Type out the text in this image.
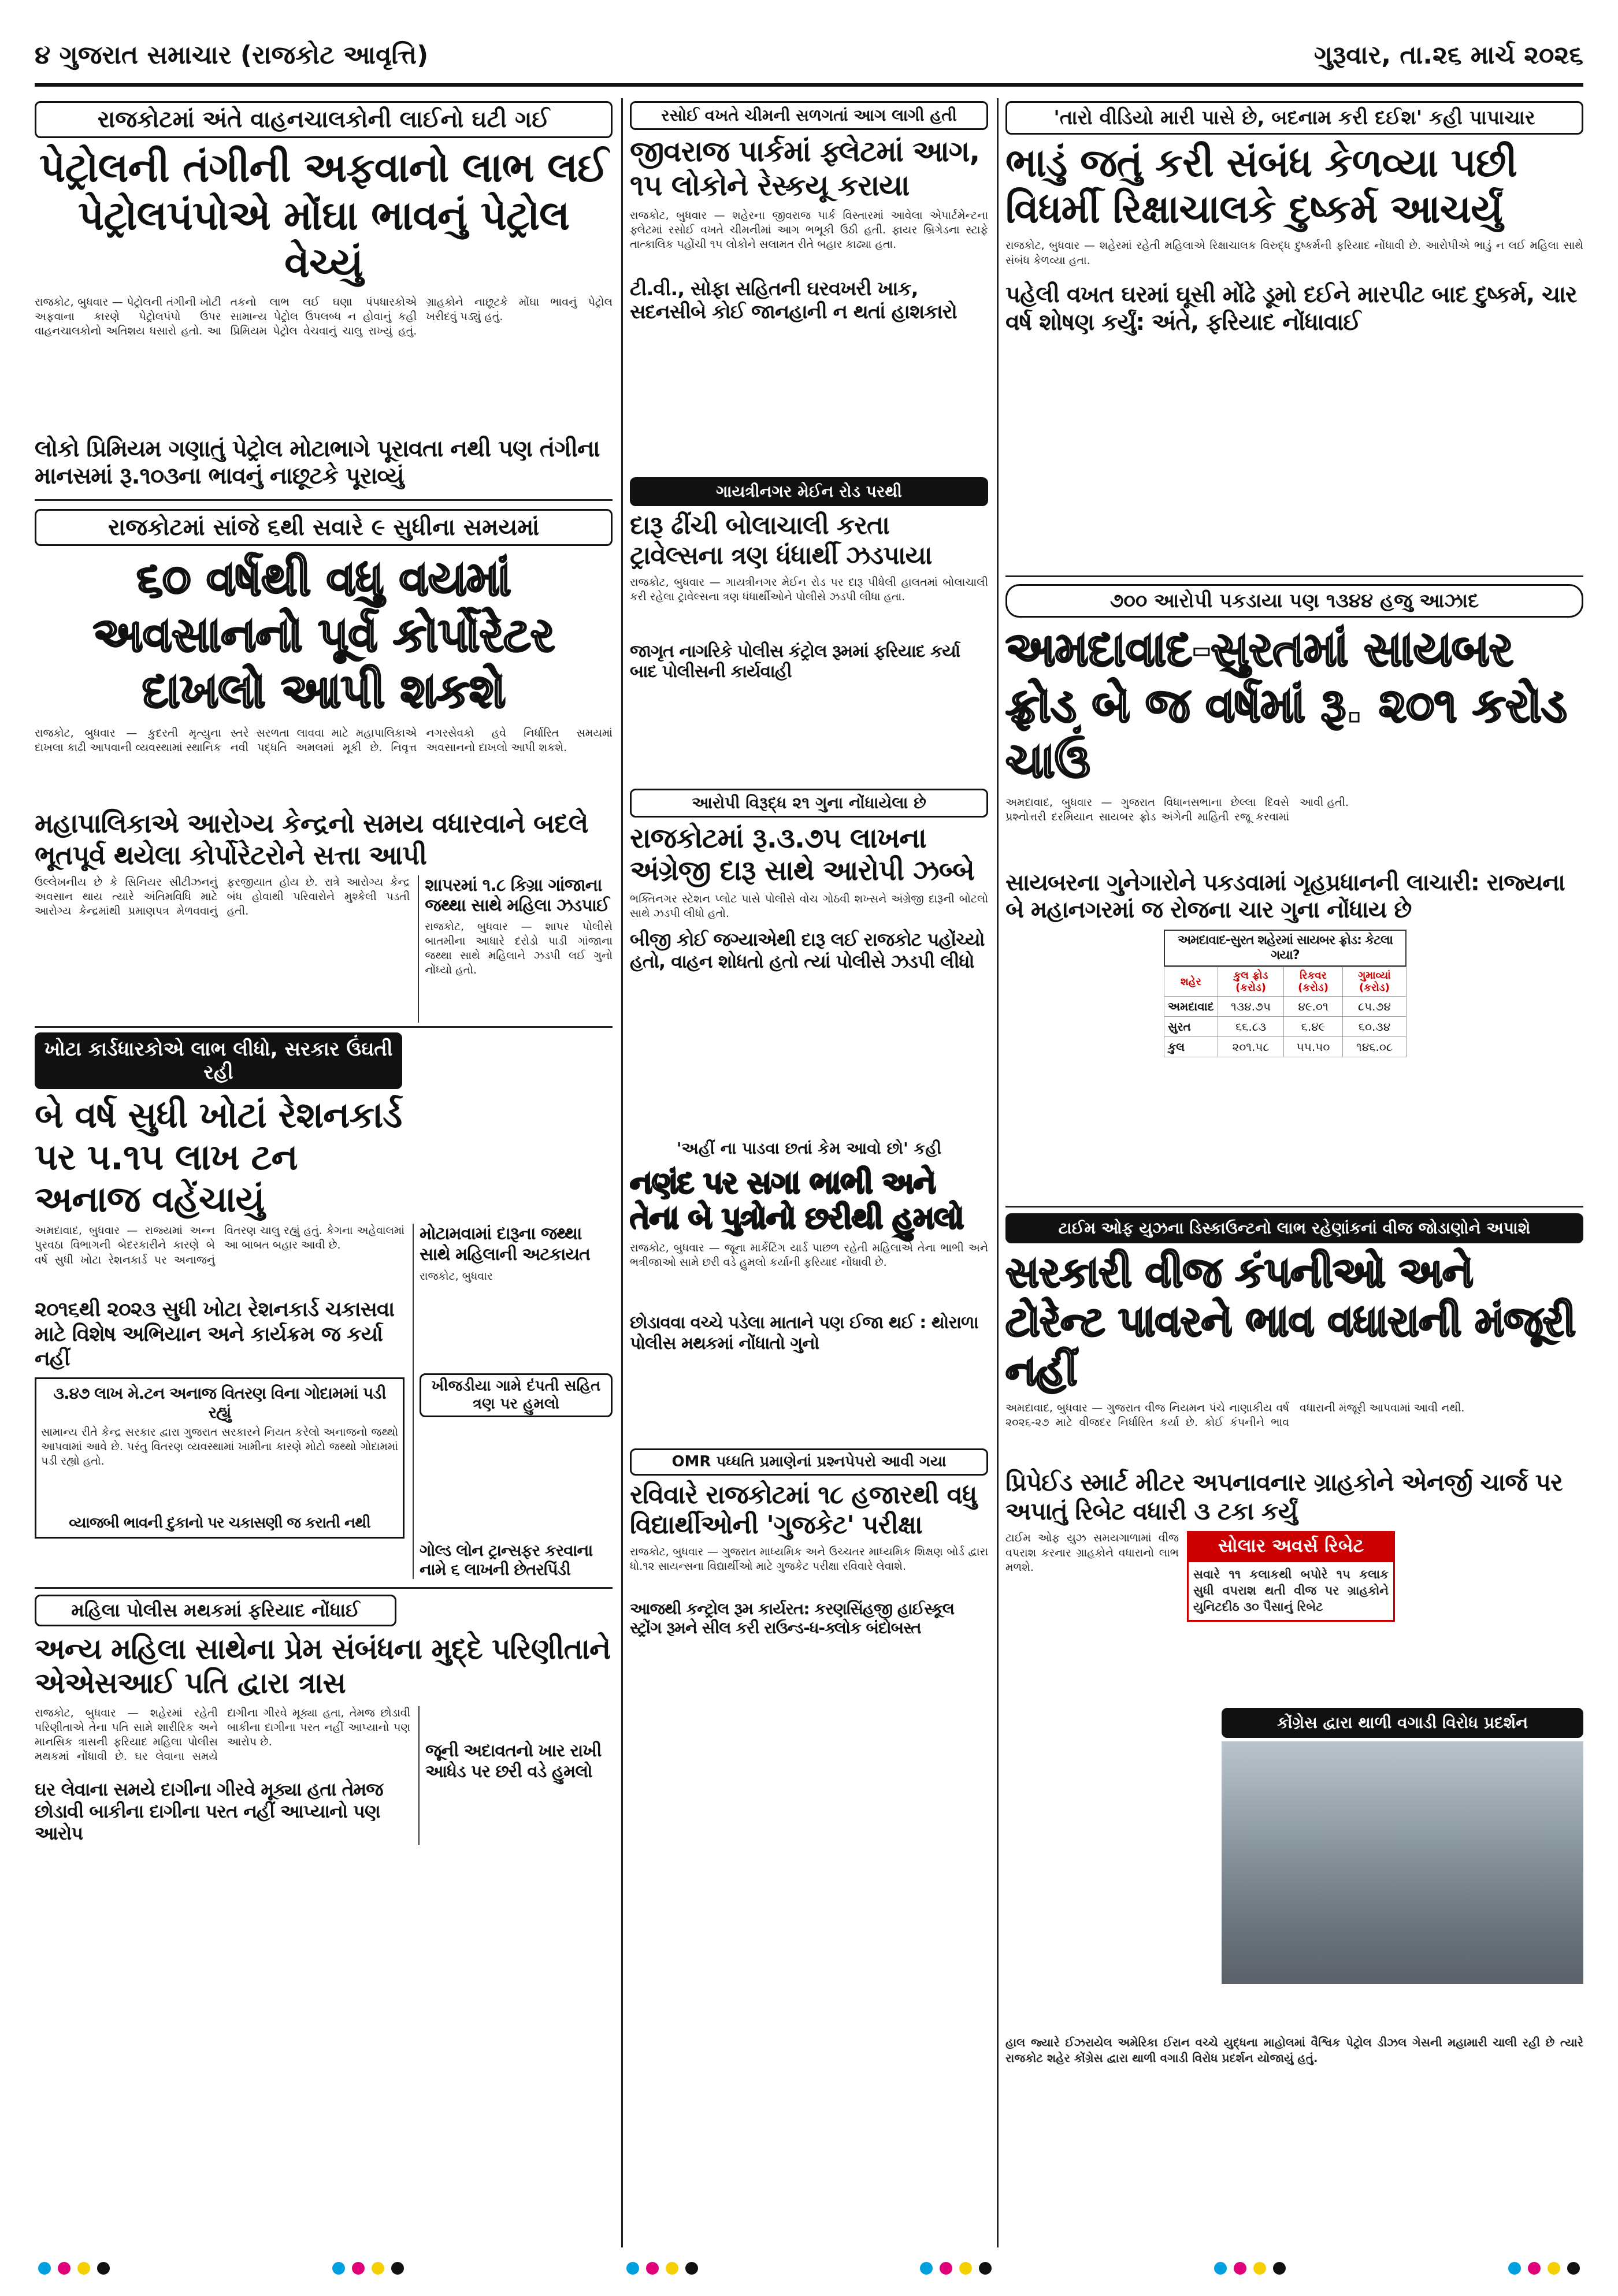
૪ ગુજરાત સમાચાર (રાજકોટ આવૃત્તિ)	ગુરૂવાર, તા.૨૬ માર્ચ ૨૦૨૬
રાજકોટમાં અંતે વાહનચાલકોની લાઈનો ઘટી ગઈ
પેટ્રોલની તંગીની અફવાનો લાભ લઈ પેટ્રોલપંપોએ મોંઘા ભાવનું પેટ્રોલ વેચ્યું
રાજકોટ, બુધવાર — પેટ્રોલની તંગીની ખોટી અફવાના કારણે પેટ્રોલપંપો ઉપર વાહનચાલકોનો અતિશય ધસારો હતો. આ તકનો લાભ લઈ ઘણા પંપધારકોએ સામાન્ય પેટ્રોલ ઉપલબ્ધ ન હોવાનું કહી પ્રિમિયમ પેટ્રોલ વેચવાનું ચાલુ રાખ્યું હતું. ગ્રાહકોને નાછૂટકે મોંઘા ભાવનું પેટ્રોલ ખરીદવું પડ્યું હતું.
લોકો પ્રિમિયમ ગણાતું પેટ્રોલ મોટાભાગે પૂરાવતા નથી પણ તંગીના માનસમાં રૂ.૧૦૩ના ભાવનું નાછૂટકે પૂરાવ્યું
રાજકોટમાં સાંજે ૬થી સવારે ૯ સુધીના સમયમાં
૬૦ વર્ષથી વધુ વયમાં અવસાનનો પૂર્વ કોર્પોરેટર દાખલો આપી શકશે
રાજકોટ, બુધવાર — કુદરતી મૃત્યુના દાખલા કાઢી આપવાની વ્યવસ્થામાં સ્થાનિક સ્તરે સરળતા લાવવા માટે મહાપાલિકાએ નવી પદ્ધતિ અમલમાં મૂકી છે. નિવૃત્ત નગરસેવકો હવે નિર્ધારિત સમયમાં અવસાનનો દાખલો આપી શકશે.
મહાપાલિકાએ આરોગ્ય કેન્દ્રનો સમય વધારવાને બદલે ભૂતપૂર્વ થયેલા કોર્પોરેટરોને સત્તા આપી
ઉલ્લેખનીય છે કે સિનિયર સીટીઝનનું અવસાન થાય ત્યારે અંતિમવિધિ માટે આરોગ્ય કેન્દ્રમાંથી પ્રમાણપત્ર મેળવવાનું ફરજીયાત હોય છે. રાત્રે આરોગ્ય કેન્દ્ર બંધ હોવાથી પરિવારોને મુશ્કેલી પડતી હતી.
શાપરમાં ૧.૮ કિગ્રા ગાંજાના જથ્થા સાથે મહિલા ઝડપાઈ
રાજકોટ, બુધવાર — શાપર પોલીસે બાતમીના આધારે દરોડો પાડી ગાંજાના જથ્થા સાથે મહિલાને ઝડપી લઈ ગુનો નોંધ્યો હતો.
ખોટા કાર્ડધારકોએ લાભ લીધો, સરકાર ઉંઘતી રહી
બે વર્ષ સુધી ખોટાં રેશનકાર્ડ પર ૫.૧૫ લાખ ટન અનાજ વહેંચાયું
અમદાવાદ, બુધવાર — રાજ્યમાં અન્ન પુરવઠા વિભાગની બેદરકારીને કારણે બે વર્ષ સુધી ખોટા રેશનકાર્ડ પર અનાજનું વિતરણ ચાલુ રહ્યું હતું. કેગના અહેવાલમાં આ બાબત બહાર આવી છે.
૨૦૧૬થી ૨૦૨૩ સુધી ખોટા રેશનકાર્ડ ચકાસવા માટે વિશેષ અભિયાન અને કાર્યક્રમ જ કર્યા નહીં
૩.૪૭ લાખ મે.ટન અનાજ વિતરણ વિના ગોદામમાં પડી રહ્યું
સામાન્ય રીતે કેન્દ્ર સરકાર દ્વારા ગુજરાત સરકારને નિયત કરેલો અનાજનો જથ્થો આપવામાં આવે છે. પરંતુ વિતરણ વ્યવસ્થામાં ખામીના કારણે મોટો જથ્થો ગોદામમાં પડી રહ્યો હતો.
વ્યાજબી ભાવની દુકાનો પર ચકાસણી જ કરાતી નથી
મોટામવામાં દારૂના જથ્થા સાથે મહિલાની અટકાયત
રાજકોટ, બુધવાર
ખીજડીયા ગામે દંપતી સહિત ત્રણ પર હુમલો
ગોલ્ડ લોન ટ્રાન્સફર કરવાના નામે ૬ લાખની છેતરપિંડી
મહિલા પોલીસ મથકમાં ફરિયાદ નોંધાઈ
અન્ય મહિલા સાથેના પ્રેમ સંબંધના મુદ્દે પરિણીતાને એએસઆઈ પતિ દ્વારા ત્રાસ
રાજકોટ, બુધવાર — શહેરમાં રહેતી પરિણીતાએ તેના પતિ સામે શારીરિક અને માનસિક ત્રાસની ફરિયાદ મહિલા પોલીસ મથકમાં નોંધાવી છે. ઘર લેવાના સમયે દાગીના ગીરવે મૂક્યા હતા, તેમજ છોડાવી બાકીના દાગીના પરત નહીં આપ્યાનો પણ આરોપ છે.
ઘર લેવાના સમયે દાગીના ગીરવે મૂક્યા હતા તેમજ છોડાવી બાકીના દાગીના પરત નહીં આપ્યાનો પણ આરોપ
જૂની અદાવતનો ખાર રાખી આધેડ પર છરી વડે હુમલો
રસોઈ વખતે ચીમની સળગતાં આગ લાગી હતી
જીવરાજ પાર્કમાં ફ્લેટમાં આગ, ૧૫ લોકોને રેસ્કયૂ કરાયા
રાજકોટ, બુધવાર — શહેરના જીવરાજ પાર્ક વિસ્તારમાં આવેલા એપાર્ટમેન્ટના ફ્લેટમાં રસોઈ વખતે ચીમનીમાં આગ ભભૂકી ઉઠી હતી. ફાયર બ્રિગેડના સ્ટાફે તાત્કાલિક પહોંચી ૧૫ લોકોને સલામત રીતે બહાર કાઢ્યા હતા.
ટી.વી., સોફા સહિતની ઘરવખરી ખાક, સદનસીબે કોઈ જાનહાની ન થતાં હાશકારો
ગાયત્રીનગર મેઈન રોડ પરથી
દારૂ ઢીંચી બોલાચાલી કરતા ટ્રાવેલ્સના ત્રણ ધંધાર્થી ઝડપાયા
રાજકોટ, બુધવાર — ગાયત્રીનગર મેઈન રોડ પર દારૂ પીધેલી હાલતમાં બોલાચાલી કરી રહેલા ટ્રાવેલ્સના ત્રણ ધંધાર્થીઓને પોલીસે ઝડપી લીધા હતા.
જાગૃત નાગરિકે પોલીસ કંટ્રોલ રૂમમાં ફરિયાદ કર્યા બાદ પોલીસની કાર્યવાહી
આરોપી વિરૂદ્ધ ૨૧ ગુના નોંધાયેલા છે
રાજકોટમાં રૂ.૩.૭૫ લાખના અંગ્રેજી દારૂ સાથે આરોપી ઝબ્બે
ભક્તિનગર સ્ટેશન પ્લોટ પાસે પોલીસે વોચ ગોઠવી શખ્સને અંગ્રેજી દારૂની બોટલો સાથે ઝડપી લીધો હતો.
બીજી કોઈ જગ્યાએથી દારૂ લઈ રાજકોટ પહોંચ્યો હતો, વાહન શોધતો હતો ત્યાં પોલીસે ઝડપી લીધો
'અહીં ના પાડવા છતાં કેમ આવો છો' કહી
નણંદ પર સગા ભાભી અને તેના બે પુત્રોનો છરીથી હુમલો
રાજકોટ, બુધવાર — જૂના માર્કેટિંગ યાર્ડ પાછળ રહેતી મહિલાએ તેના ભાભી અને ભત્રીજાઓ સામે છરી વડે હુમલો કર્યાની ફરિયાદ નોંધાવી છે.
છોડાવવા વચ્ચે પડેલા માતાને પણ ઈજા થઈ : થોરાળા પોલીસ મથકમાં નોંધાતો ગુનો
OMR પધ્ધતિ પ્રમાણેનાં પ્રશ્નપેપરો આવી ગયા
રવિવારે રાજકોટમાં ૧૮ હજારથી વધુ વિદ્યાર્થીઓની 'ગુજકેટ' પરીક્ષા
રાજકોટ, બુધવાર — ગુજરાત માધ્યમિક અને ઉચ્ચતર માધ્યમિક શિક્ષણ બોર્ડ દ્વારા ધો.૧૨ સાયન્સના વિદ્યાર્થીઓ માટે ગુજકેટ પરીક્ષા રવિવારે લેવાશે.
આજથી કન્ટ્રોલ રૂમ કાર્યરત: કરણસિંહજી હાઈસ્કૂલ સ્ટ્રોંગ રૂમને સીલ કરી રાઉન્ડ-ધ-ક્લોક બંદોબસ્ત
'તારો વીડિયો મારી પાસે છે, બદનામ કરી દઈશ' કહી પાપાચાર
ભાડું જતું કરી સંબંધ કેળવ્યા પછી વિધર્મી રિક્ષાચાલકે દુષ્કર્મ આચર્યું
રાજકોટ, બુધવાર — શહેરમાં રહેતી મહિલાએ રિક્ષાચાલક વિરુદ્ધ દુષ્કર્મની ફરિયાદ નોંધાવી છે. આરોપીએ ભાડું ન લઈ મહિલા સાથે સંબંધ કેળવ્યા હતા.
પહેલી વખત ઘરમાં ઘૂસી મોંઢે ડૂમો દઈને મારપીટ બાદ દુષ્કર્મ, ચાર વર્ષ શોષણ કર્યું: અંતે, ફરિયાદ નોંધાવાઈ
૭૦૦ આરોપી પકડાયા પણ ૧૩૪૪ હજુ આઝાદ
અમદાવાદ-સુરતમાં સાયબર ફ્રોડ બે જ વર્ષમાં રૂ. ૨૦૧ કરોડ ચાઉં
અમદાવાદ, બુધવાર — ગુજરાત વિધાનસભાના છેલ્લા દિવસે પ્રશ્નોત્તરી દરમિયાન સાયબર ફ્રોડ અંગેની માહિતી રજૂ કરવામાં આવી હતી.
સાયબરના ગુનેગારોને પકડવામાં ગૃહપ્રધાનની લાચારી: રાજ્યના બે મહાનગરમાં જ રોજના ચાર ગુના નોંધાય છે
અમદાવાદ-સુરત શહેરમાં સાયબર ફ્રોડ: કેટલા ગયા?
શહેર	કુલ ફ્રોડ (કરોડ)	રિકવર (કરોડ)	ગુમાવ્યાં (કરોડ)
અમદાવાદ	૧૩૪.૭૫	૪૯.૦૧	૮૫.૭૪
સુરત	૬૬.૮૩	૬.૪૯	૬૦.૩૪
કુલ	૨૦૧.૫૮	૫૫.૫૦	૧૪૬.૦૮
ટાઈમ ઓફ યુઝના ડિસ્કાઉન્ટનો લાભ રહેણાંકનાં વીજ જોડાણોને અપાશે
સરકારી વીજ કંપનીઓ અને ટોરેન્ટ પાવરને ભાવ વધારાની મંજૂરી નહીં
અમદાવાદ, બુધવાર — ગુજરાત વીજ નિયમન પંચે નાણાકીય વર્ષ ૨૦૨૬-૨૭ માટે વીજદર નિર્ધારિત કર્યા છે. કોઈ કંપનીને ભાવ વધારાની મંજૂરી આપવામાં આવી નથી.
પ્રિપેઈડ સ્માર્ટ મીટર અપનાવનાર ગ્રાહકોને એનર્જી ચાર્જ પર અપાતું રિબેટ વધારી ૩ ટકા કર્યું
ટાઈમ ઓફ યુઝ સમયગાળામાં વીજ વપરાશ કરનાર ગ્રાહકોને વધારાનો લાભ મળશે.
સોલાર અવર્સ રિબેટ
સવારે ૧૧ કલાકથી બપોરે ૧૫ કલાક સુધી વપરાશ થતી વીજ પર ગ્રાહકોને યુનિટદીઠ ૩૦ પૈસાનું રિબેટ
કોંગ્રેસ દ્વારા થાળી વગાડી વિરોધ પ્રદર્શન
હાલ જ્યારે ઈઝરાયેલ અમેરિકા ઈરાન વચ્ચે યુદ્ધના માહોલમાં વૈશ્વિક પેટ્રોલ ડીઝલ ગેસની મહામારી ચાલી રહી છે ત્યારે રાજકોટ શહેર કોંગ્રેસ દ્વારા થાળી વગાડી વિરોધ પ્રદર્શન યોજાયું હતું.
